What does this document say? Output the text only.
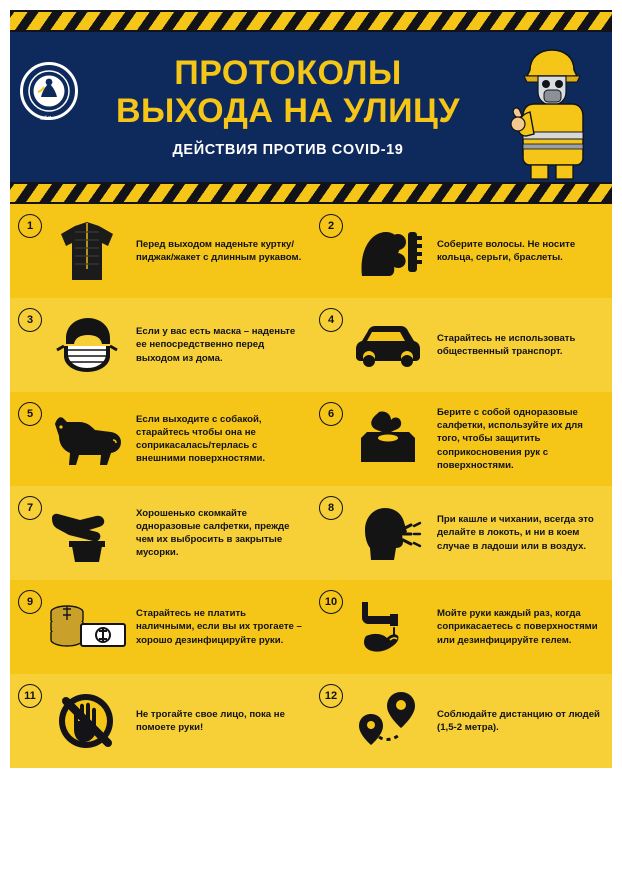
ЕЁЯ
ПРОТОКОЛЫ
ВЫХОДА НА УЛИЦУ
ДЕЙСТВИЯ ПРОТИВ COVID-19
1
Перед выходом наденьте куртку/пиджак/жакет с длинным рукавом.
2
Соберите волосы. Не носите кольца, серьги, браслеты.
3
Если у вас есть маска – наденьте ее непосредственно перед выходом из дома.
4
Старайтесь не использовать общественный транспорт.
5	Если выходите с собакой, старайтесь чтобы она не соприкасалась/терлась с внешними поверхностями.
6	Берите с собой одноразовые салфетки, используйте их для того, чтобы защитить соприкосновения рук с поверхностями.
7	Хорошенько скомкайте одноразовые салфетки, прежде чем их выбросить в закрытые мусорки.
8
При кашле и чихании, всегда это делайте в локоть, и ни в коем случае в ладоши или в воздух.
9
Старайтесь не платить наличными, если вы их трогаете – хорошо дезинфицируйте руки.
10
Мойте руки каждый раз, когда соприкасаетесь с поверхностями или дезинфицируйте гелем.
11
Не трогайте свое лицо, пока не помоете руки!
12
Соблюдайте дистанцию от людей (1,5-2 метра).
